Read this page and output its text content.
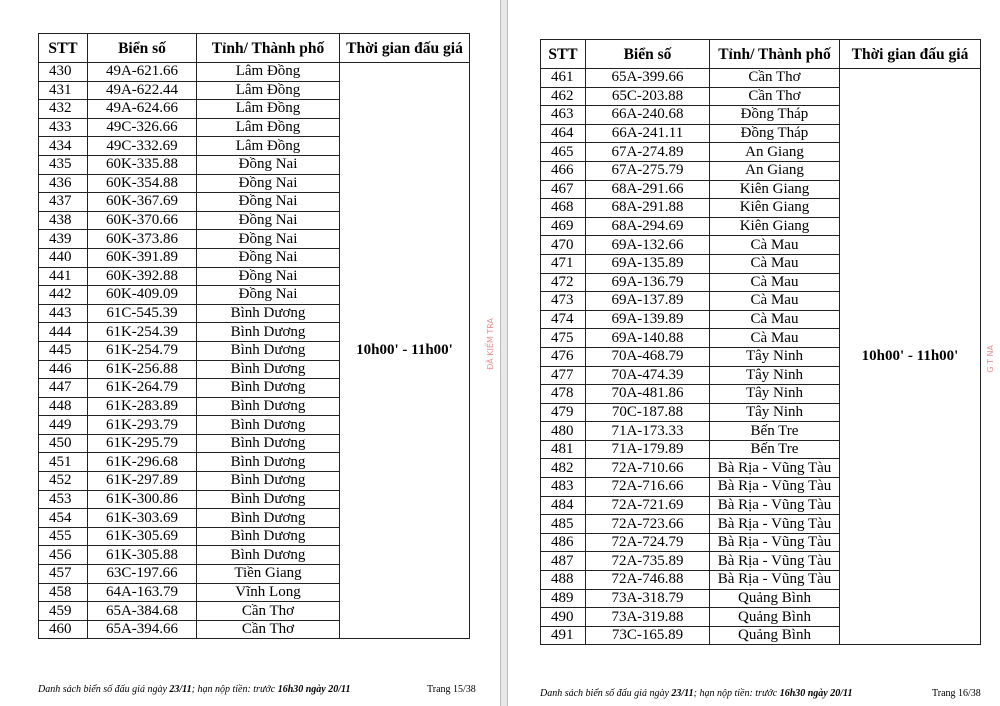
STT	Biển số	Tỉnh/ Thành phố	Thời gian đấu giá
430	49A-621.66	Lâm Đồng	10h00' - 11h00'
431	49A-622.44	Lâm Đồng	
432	49A-624.66	Lâm Đồng	
433	49C-326.66	Lâm Đồng	
434	49C-332.69	Lâm Đồng	
435	60K-335.88	Đồng Nai	
436	60K-354.88	Đồng Nai	
437	60K-367.69	Đồng Nai	
438	60K-370.66	Đồng Nai	
439	60K-373.86	Đồng Nai	
440	60K-391.89	Đồng Nai	
441	60K-392.88	Đồng Nai	
442	60K-409.09	Đồng Nai	
443	61C-545.39	Bình Dương	
444	61K-254.39	Bình Dương	
445	61K-254.79	Bình Dương	
446	61K-256.88	Bình Dương	
447	61K-264.79	Bình Dương	
448	61K-283.89	Bình Dương	
449	61K-293.79	Bình Dương	
450	61K-295.79	Bình Dương	
451	61K-296.68	Bình Dương	
452	61K-297.89	Bình Dương	
453	61K-300.86	Bình Dương	
454	61K-303.69	Bình Dương	
455	61K-305.69	Bình Dương	
456	61K-305.88	Bình Dương	
457	63C-197.66	Tiền Giang	
458	64A-163.79	Vĩnh Long	
459	65A-384.68	Cần Thơ	
460	65A-394.66	Cần Thơ	
Danh sách biển số đấu giá ngày 23/11; hạn nộp tiền: trước 16h30 ngày 20/11	Trang 15/38
ĐÃ KIỂM TRA
STT	Biển số	Tỉnh/ Thành phố	Thời gian đấu giá
461	65A-399.66	Cần Thơ	10h00' - 11h00'
462	65C-203.88	Cần Thơ	
463	66A-240.68	Đồng Tháp	
464	66A-241.11	Đồng Tháp	
465	67A-274.89	An Giang	
466	67A-275.79	An Giang	
467	68A-291.66	Kiên Giang	
468	68A-291.88	Kiên Giang	
469	68A-294.69	Kiên Giang	
470	69A-132.66	Cà Mau	
471	69A-135.89	Cà Mau	
472	69A-136.79	Cà Mau	
473	69A-137.89	Cà Mau	
474	69A-139.89	Cà Mau	
475	69A-140.88	Cà Mau	
476	70A-468.79	Tây Ninh	
477	70A-474.39	Tây Ninh	
478	70A-481.86	Tây Ninh	
479	70C-187.88	Tây Ninh	
480	71A-173.33	Bến Tre	
481	71A-179.89	Bến Tre	
482	72A-710.66	Bà Rịa - Vũng Tàu	
483	72A-716.66	Bà Rịa - Vũng Tàu	
484	72A-721.69	Bà Rịa - Vũng Tàu	
485	72A-723.66	Bà Rịa - Vũng Tàu	
486	72A-724.79	Bà Rịa - Vũng Tàu	
487	72A-735.89	Bà Rịa - Vũng Tàu	
488	72A-746.88	Bà Rịa - Vũng Tàu	
489	73A-318.79	Quảng Bình	
490	73A-319.88	Quảng Bình	
491	73C-165.89	Quảng Bình	
Danh sách biển số đấu giá ngày 23/11; hạn nộp tiền: trước 16h30 ngày 20/11	Trang 16/38
G T NA
